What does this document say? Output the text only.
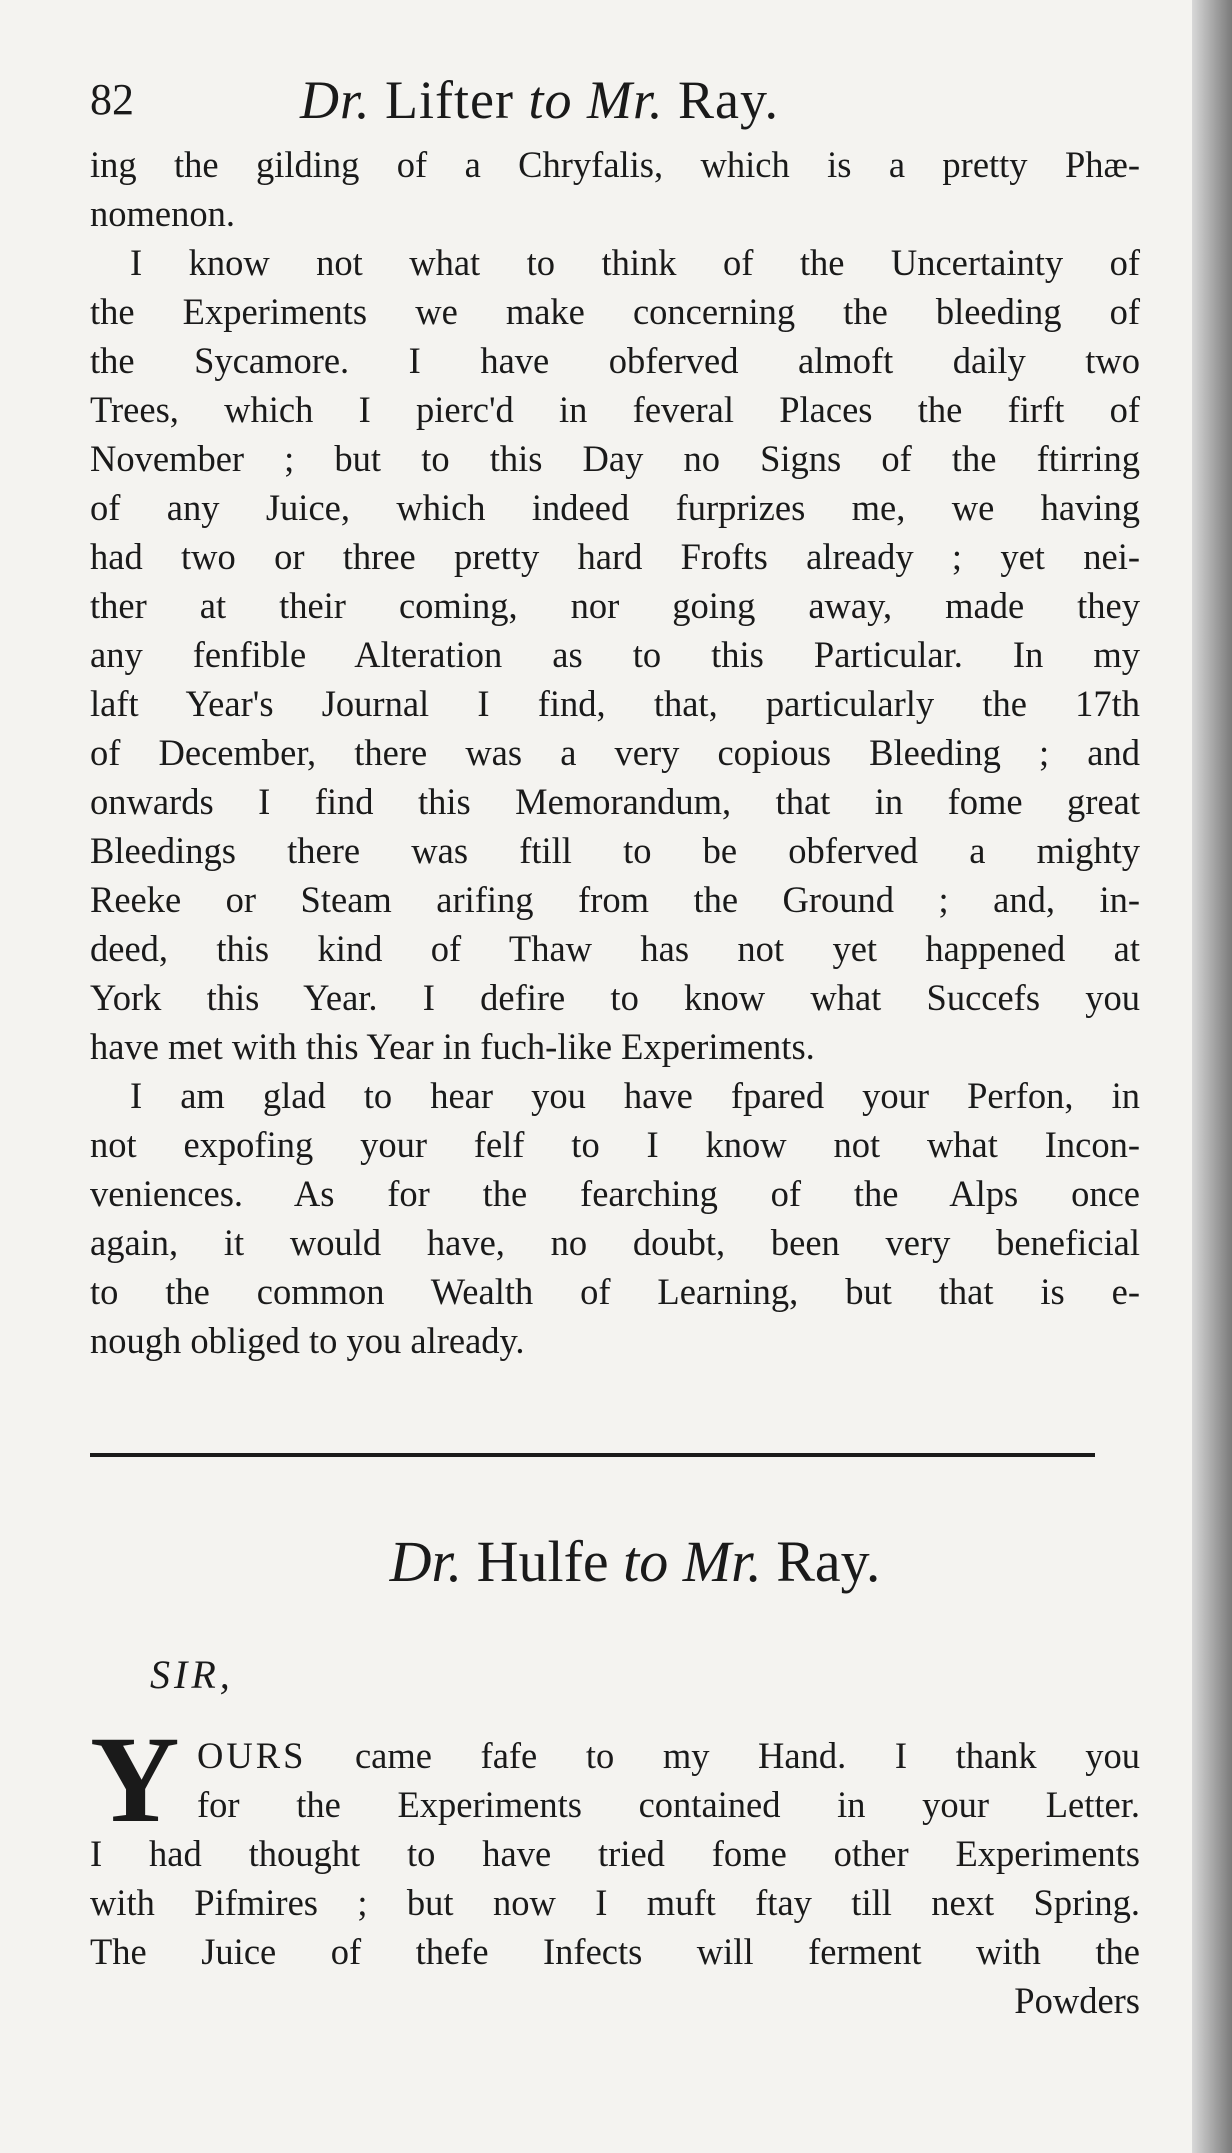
82	Dr. Lifter to Mr. Ray.
ing the gilding of a Chryfalis, which is a pretty Phæ-
nomenon.
I know not what to think of the Uncertainty of
the Experiments we make concerning the bleeding of
the Sycamore. I have obferved almoft daily two
Trees, which I pierc'd in feveral Places the firft of
November ; but to this Day no Signs of the ftirring
of any Juice, which indeed furprizes me, we having
had two or three pretty hard Frofts already ; yet nei-
ther at their coming, nor going away, made they
any fenfible Alteration as to this Particular. In my
laft Year's Journal I find, that, particularly the 17th
of December, there was a very copious Bleeding ; and
onwards I find this Memorandum, that in fome great
Bleedings there was ftill to be obferved a mighty
Reeke or Steam arifing from the Ground ; and, in-
deed, this kind of Thaw has not yet happened at
York this Year. I defire to know what Succefs you
have met with this Year in fuch-like Experiments.
I am glad to hear you have fpared your Perfon, in
not expofing your felf to I know not what Incon-
veniences. As for the fearching of the Alps once
again, it would have, no doubt, been very beneficial
to the common Wealth of Learning, but that is e-
nough obliged to you already.
Dr. Hulfe to Mr. Ray.
SIR,
Y OURS came fafe to my Hand. I thank you
for the Experiments contained in your Letter.
I had thought to have tried fome other Experiments
with Pifmires ; but now I muft ftay till next Spring.
The Juice of thefe Infects will ferment with the
Powders
